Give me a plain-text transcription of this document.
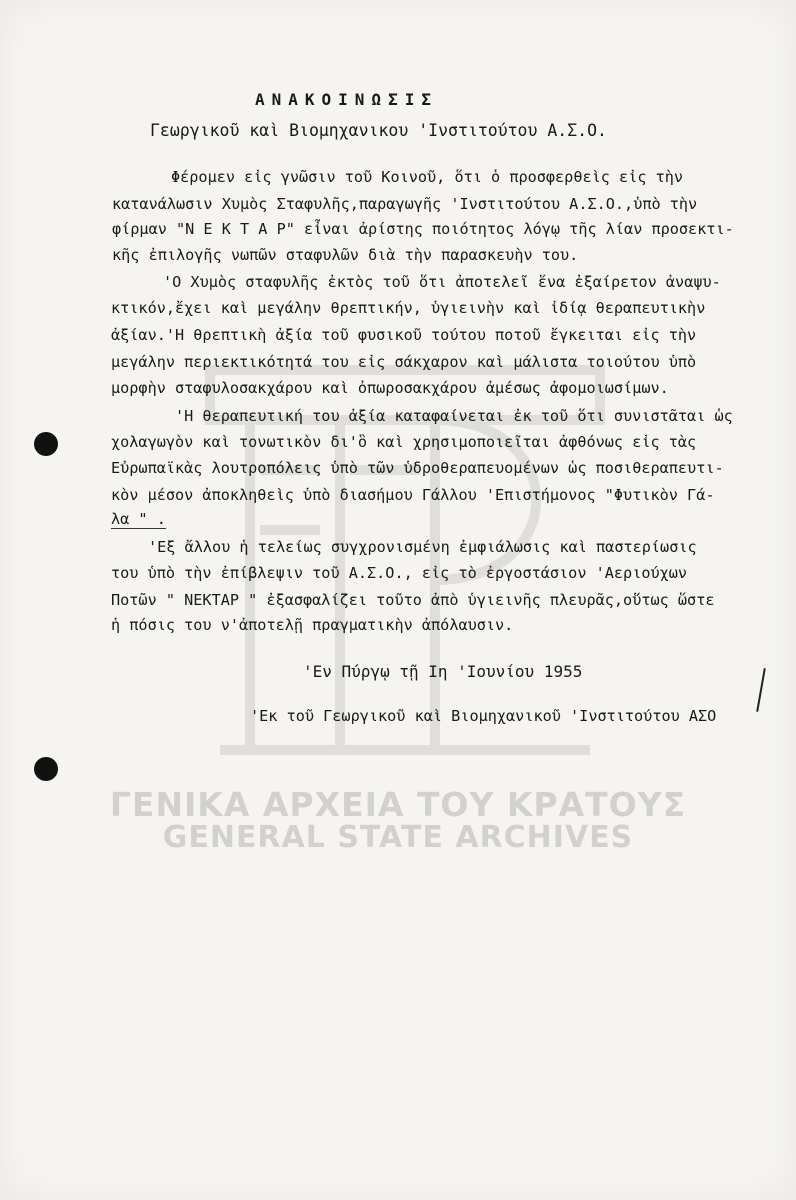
ΓΕΝΙΚΑ ΑΡΧΕΙΑ ΤΟΥ ΚΡΑΤΟΥΣ
GENERAL STATE ARCHIVES
ΑΝΑΚΟΙΝΩΣΙΣ
Γεωργικοῦ καὶ Βιομηχανικου 'Ινστιτούτου Α.Σ.Ο.
Φέρομεν εἰς γνῶσιν τοῦ Κοινοῦ, ὅτι ὁ προσφερθεὶς εἰς τὴν
κατανάλωσιν Χυμὸς Σταφυλῆς,παραγωγῆς 'Ινστιτούτου Α.Σ.Ο.,ὑπὸ τὴν
φίρμαν "Ν Ε Κ Τ Α Ρ" εἶναι ἀρίστης ποιότητος λόγῳ τῆς λίαν προσεκτι-
κῆς ἐπιλογῆς νωπῶν σταφυλῶν διὰ τὴν παρασκευὴν του.
'Ο Χυμὸς σταφυλῆς ἐκτὸς τοῦ ὅτι ἀποτελεῖ ἕνα ἐξαίρετον ἀναψυ-
κτικόν,ἔχει καὶ μεγάλην θρεπτικήν, ὑγιεινὴν καὶ ἰδίᾳ θεραπευτικὴν
ἀξίαν.'Η θρεπτικὴ ἀξία τοῦ φυσικοῦ τούτου ποτοῦ ἔγκειται εἰς τὴν
μεγάλην περιεκτικότητά του εἰς σάκχαρον καὶ μάλιστα τοιούτου ὑπὸ
μορφὴν σταφυλοσακχάρου καὶ ὀπωροσακχάρου ἀμέσως ἀφομοιωσίμων.
'Η θεραπευτική του ἀξία καταφαίνεται ἐκ τοῦ ὅτι συνιστᾶται ὡς
χολαγωγὸν καὶ τονωτικὸν δι'ὃ καὶ χρησιμοποιεῖται ἀφθόνως εἰς τὰς
Εὐρωπαϊκὰς λουτροπόλεις ὑπὸ τῶν ὑδροθεραπευομένων ὡς ποσιθεραπευτι-
κὸν μέσον ἀποκληθεὶς ὑπὸ διασήμου Γάλλου 'Επιστήμονος "Φυτικὸν Γά-
λα " .
'Εξ ἄλλου ἡ τελείως συγχρονισμένη ἐμφιάλωσις καὶ παστερίωσις
του ὑπὸ τὴν ἐπίβλεψιν τοῦ Α.Σ.Ο., εἰς τὸ ἐργοστάσιον 'Αεριούχων
Ποτῶν " ΝΕΚΤΑΡ " ἐξασφαλίζει τοῦτο ἀπὸ ὑγιεινῆς πλευρᾶς,οὕτως ὥστε
ἡ πόσις του ν'ἀποτελῇ πραγματικὴν ἀπόλαυσιν.
'Εν Πύργῳ τῇ Ιη 'Ιουνίου 1955
'Εκ τοῦ Γεωργικοῦ καὶ Βιομηχανικοῦ 'Ινστιτούτου ΑΣΟ
